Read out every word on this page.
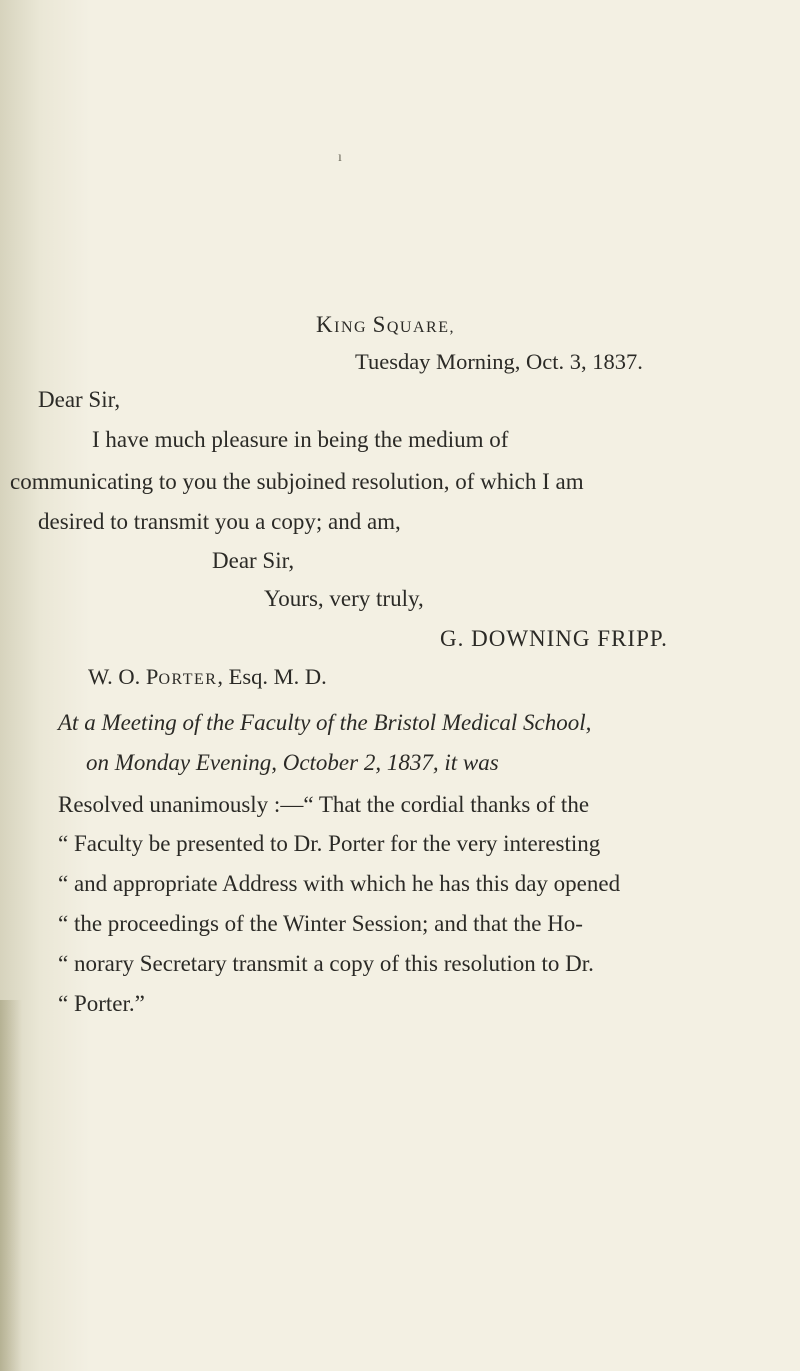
ı
KING SQUARE,
Tuesday Morning, Oct. 3, 1837.
Dear Sir,
I have much pleasure in being the medium of
communicating to you the subjoined resolution, of which I am
desired to transmit you a copy; and am,
Dear Sir,
Yours, very truly,
G. DOWNING FRIPP.
W. O. PORTER, Esq. M. D.
At a Meeting of the Faculty of the Bristol Medical School,
on Monday Evening, October 2, 1837, it was
Resolved unanimously :—“ That the cordial thanks of the
“ Faculty be presented to Dr. Porter for the very interesting
“ and appropriate Address with which he has this day opened
“ the proceedings of the Winter Session; and that the Ho-
“ norary Secretary transmit a copy of this resolution to Dr.
“ Porter.”
